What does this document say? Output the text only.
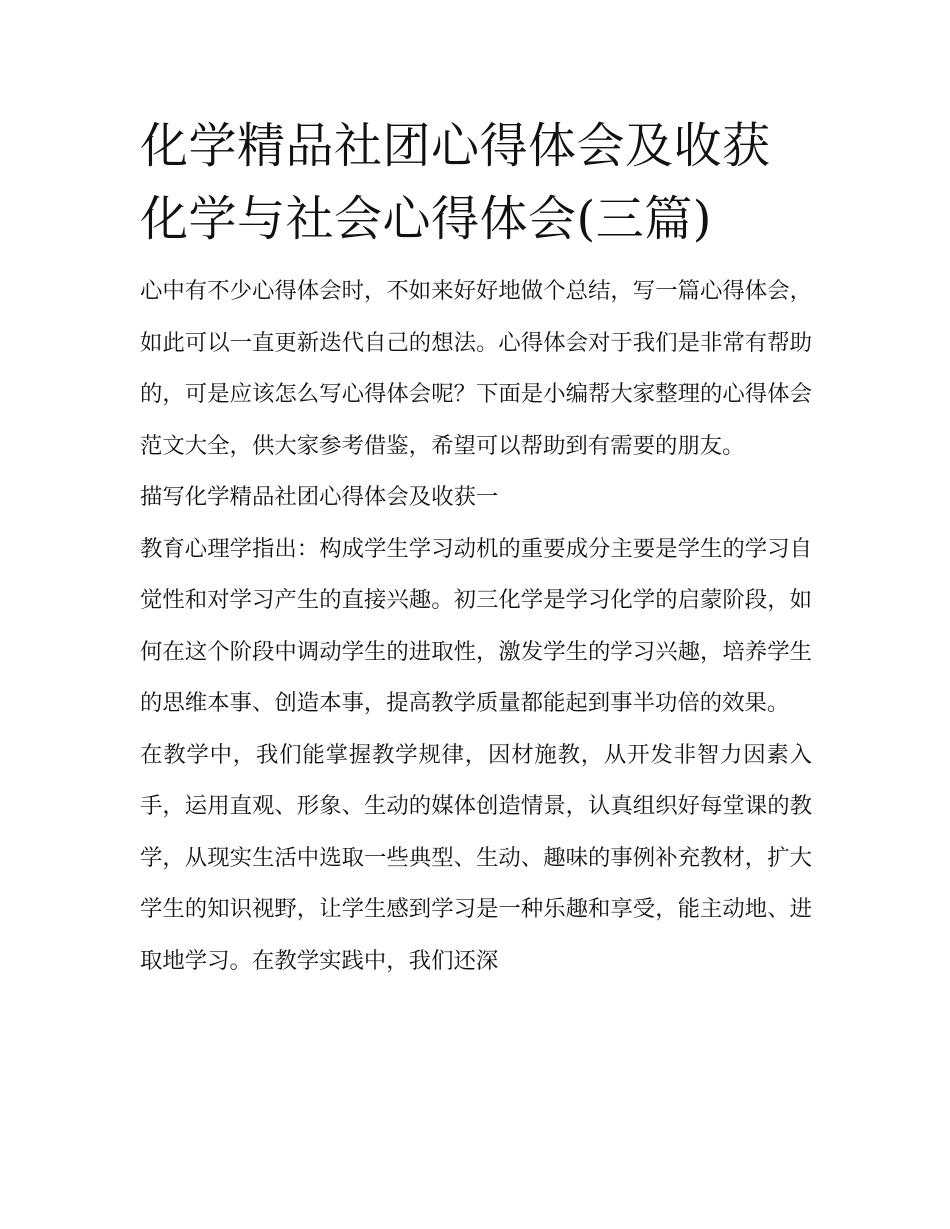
化学精品社团心得体会及收获
化学与社会心得体会(三篇)

心中有不少心得体会时，不如来好好地做个总结，写一篇心得体会，如此可以一直更新迭代自己的想法。心得体会对于我们是非常有帮助的，可是应该怎么写心得体会呢？下面是小编帮大家整理的心得体会范文大全，供大家参考借鉴，希望可以帮助到有需要的朋友。

描写化学精品社团心得体会及收获一

教育心理学指出：构成学生学习动机的重要成分主要是学生的学习自觉性和对学习产生的直接兴趣。初三化学是学习化学的启蒙阶段，如何在这个阶段中调动学生的进取性，激发学生的学习兴趣，培养学生的思维本事、创造本事，提高教学质量都能起到事半功倍的效果。

在教学中，我们能掌握教学规律，因材施教，从开发非智力因素入手，运用直观、形象、生动的媒体创造情景，认真组织好每堂课的教学，从现实生活中选取一些典型、生动、趣味的事例补充教材，扩大学生的知识视野，让学生感到学习是一种乐趣和享受，能主动地、进取地学习。在教学实践中，我们还深
